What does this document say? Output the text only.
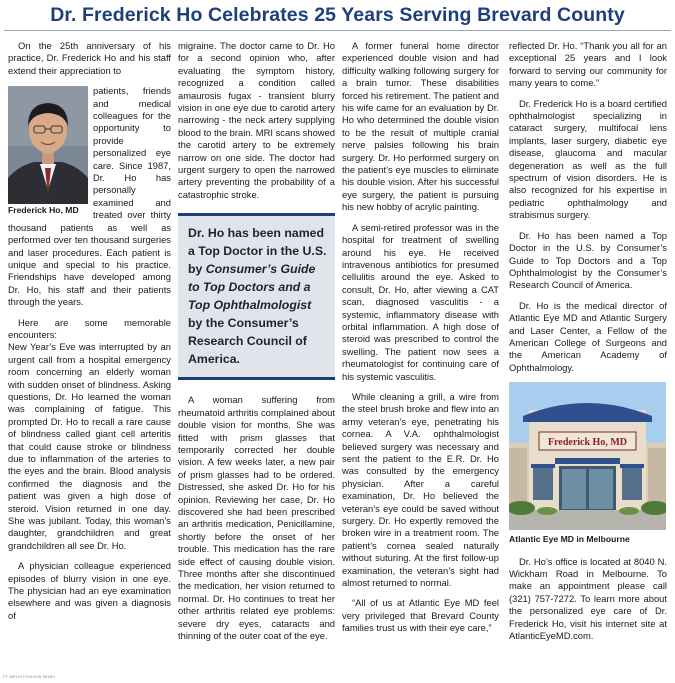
Dr. Frederick Ho Celebrates 25 Years Serving Brevard County

On the 25th anniversary of his practice, Dr. Frederick Ho and his staff extend their appreciation to

Frederick Ho, MD

patients, friends and medical colleagues for the opportunity to provide personalized eye care. Since 1987, Dr. Ho has personally examined and treated over thirty thousand patients as well as performed over ten thousand surgeries and laser procedures. Each patient is unique and special to his practice. Friendships have developed among Dr. Ho, his staff and their patients through the years.

Here are some memorable encounters:

New Year’s Eve was interrupted by an urgent call from a hospital emergency room concerning an elderly woman with sudden onset of blindness. Asking questions, Dr. Ho learned the woman was complaining of fatigue. This prompted Dr. Ho to recall a rare cause of blindness called giant cell arteritis that could cause stroke or blindness due to inflammation of the arteries to the eyes and the brain. Blood analysis confirmed the diagnosis and the patient was given a high dose of steroid. Vision returned in one day. She was jubilant. Today, this woman’s daughter, grandchildren and great grandchildren all see Dr. Ho.

A physician colleague experienced episodes of blurry vision in one eye. The physician had an eye examination elsewhere and was given a diagnosis of

migraine. The doctor came to Dr. Ho for a second opinion who, after evaluating the symptom history, recognized a condition called amaurosis fugax - transient blurry vision in one eye due to carotid artery narrowing - the neck artery supplying blood to the brain. MRI scans showed the carotid artery to be extremely narrow on one side. The doctor had urgent surgery to open the narrowed artery preventing the probability of a catastrophic stroke.

Dr. Ho has been named a Top Doctor in the U.S. by Consumer’s Guide to Top Doctors and a Top Ophthalmologist by the Consumer’s Research Council of America.

A woman suffering from rheumatoid arthritis complained about double vision for months. She was fitted with prism glasses that temporarily corrected her double vision. A few weeks later, a new pair of prism glasses had to be ordered. Distressed, she asked Dr. Ho for his opinion. Reviewing her case, Dr. Ho discovered she had been prescribed an arthritis medication, Penicillamine, shortly before the onset of her trouble. This medication has the rare side effect of causing double vision. Three months after she discontinued the medication, her vision returned to normal. Dr. Ho continues to treat her other arthritis related eye problems: severe dry eyes, cataracts and thinning of the outer coat of the eye.

A former funeral home director experienced double vision and had difficulty walking following surgery for a brain tumor. These disabilities forced his retirement. The patient and his wife came for an evaluation by Dr. Ho who determined the double vision to be the result of multiple cranial nerve palsies following his brain surgery. Dr. Ho performed surgery on the patient’s eye muscles to eliminate his double vision. After his successful eye surgery, the patient is pursuing his new hobby of acrylic painting.

A semi-retired professor was in the hospital for treatment of swelling around his eye. He received intravenous antibiotics for presumed cellulitis around the eye. Asked to consult, Dr. Ho, after viewing a CAT scan, diagnosed vasculitis - a systemic, inflammatory disease with orbital inflammation. A high dose of steroid was prescribed to control the swelling. The patient now sees a rheumatologist for continuing care of his systemic vasculitis.

While cleaning a grill, a wire from the steel brush broke and flew into an army veteran’s eye, penetrating his cornea. A V.A. ophthalmologist believed surgery was necessary and sent the patient to the E.R. Dr. Ho was consulted by the emergency physician. After a careful examination, Dr. Ho believed the veteran’s eye could be saved without surgery. Dr. Ho expertly removed the broken wire in a treatment room. The patient’s cornea sealed naturally without suturing. At the first follow-up examination, the veteran’s sight had almost returned to normal.

“All of us at Atlantic Eye MD feel very privileged that Brevard County families trust us with their eye care,”

reflected Dr. Ho. “Thank you all for an exceptional 25 years and I look forward to serving our community for many years to come.”

Dr. Frederick Ho is a board certified ophthalmologist specializing in cataract surgery, multifocal lens implants, laser surgery, diabetic eye disease, glaucoma and macular degeneration as well as the full spectrum of vision disorders. He is also recognized for his expertise in pediatric ophthalmology and strabismus surgery.

Dr. Ho has been named a Top Doctor in the U.S. by Consumer’s Guide to Top Doctors and a Top Ophthalmologist by the Consumer’s Research Council of America.

Dr. Ho is the medical director of Atlantic Eye MD and Atlantic Surgery and Laser Center, a Fellow of the American College of Surgeons and the American Academy of Ophthalmology.

Frederick Ho, MD
Atlantic Eye MD in Melbourne

Dr. Ho’s office is located at 8040 N. Wickham Road in Melbourne. To make an appointment please call (321) 757-7272. To learn more about the personalized eye care of Dr. Frederick Ho, visit his internet site at AtlanticEyeMD.com.

FT MPHOTOSHOW 95660
